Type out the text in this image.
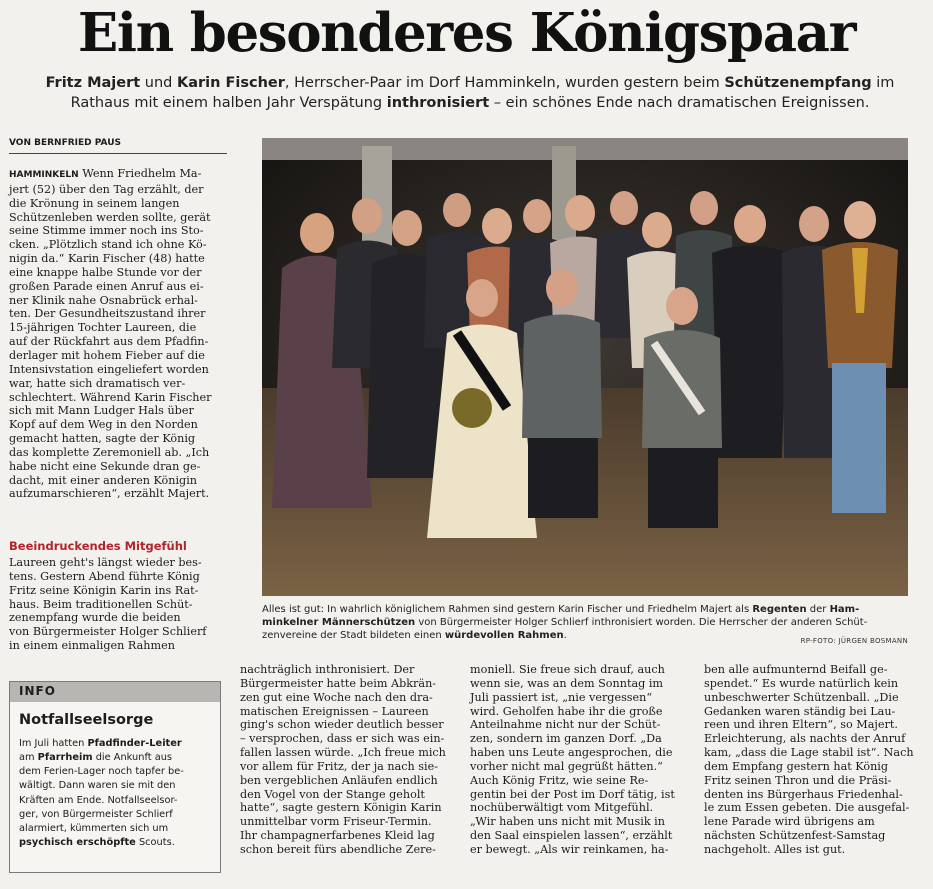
Ein besonderes Königspaar
Fritz Majert und Karin Fischer, Herrscher-Paar im Dorf Hamminkeln, wurden gestern beim Schützenempfang im
Rathaus mit einem halben Jahr Verspätung inthronisiert – ein schönes Ende nach dramatischen Ereignissen.
VON BERNFRIED PAUS
HAMMINKELN Wenn Friedhelm Ma-
jert (52) über den Tag erzählt, der
die Krönung in seinem langen
Schützenleben werden sollte, gerät
seine Stimme immer noch ins Sto-
cken. „Plötzlich stand ich ohne Kö-
nigin da.“ Karin Fischer (48) hatte
eine knappe halbe Stunde vor der
großen Parade einen Anruf aus ei-
ner Klinik nahe Osnabrück erhal-
ten. Der Gesundheitszustand ihrer
15-jährigen Tochter Laureen, die
auf der Rückfahrt aus dem Pfadfin-
derlager mit hohem Fieber auf die
Intensivstation eingeliefert worden
war, hatte sich dramatisch ver-
schlechtert. Während Karin Fischer
sich mit Mann Ludger Hals über
Kopf auf dem Weg in den Norden
gemacht hatten, sagte der König
das komplette Zeremoniell ab. „Ich
habe nicht eine Sekunde dran ge-
dacht, mit einer anderen Königin
aufzumarschieren“, erzählt Majert.
Beeindruckendes Mitgefühl
Laureen geht's längst wieder bes-
tens. Gestern Abend führte König
Fritz seine Königin Karin ins Rat-
haus. Beim traditionellen Schüt-
zenempfang wurde die beiden
von Bürgermeister Holger Schlierf
in einem einmaligen Rahmen
Alles ist gut: In wahrlich königlichem Rahmen sind gestern Karin Fischer und Friedhelm Majert als Regenten der Ham-
minkelner Männerschützen von Bürgermeister Holger Schlierf inthronisiert worden. Die Herrscher der anderen Schüt-
zenvereine der Stadt bildeten einen würdevollen Rahmen.	RP-FOTO: JÜRGEN BOSMANN
INFO
Notfallseelsorge
Im Juli hatten Pfadfinder-Leiter
am Pfarrheim die Ankunft aus
dem Ferien-Lager noch tapfer be-
wältigt. Dann waren sie mit den
Kräften am Ende. Notfallseelsor-
ger, von Bürgermeister Schlierf
alarmiert, kümmerten sich um
psychisch erschöpfte Scouts.
nachträglich inthronisiert. Der
Bürgermeister hatte beim Abkrän-
zen gut eine Woche nach den dra-
matischen Ereignissen – Laureen
ging's schon wieder deutlich besser
– versprochen, dass er sich was ein-
fallen lassen würde. „Ich freue mich
vor allem für Fritz, der ja nach sie-
ben vergeblichen Anläufen endlich
den Vogel von der Stange geholt
hatte“, sagte gestern Königin Karin
unmittelbar vorm Friseur-Termin.
Ihr champagnerfarbenes Kleid lag
schon bereit fürs abendliche Zere-
moniell. Sie freue sich drauf, auch
wenn sie, was an dem Sonntag im
Juli passiert ist, „nie vergessen“
wird. Geholfen habe ihr die große
Anteilnahme nicht nur der Schüt-
zen, sondern im ganzen Dorf. „Da
haben uns Leute angesprochen, die
vorher nicht mal gegrüßt hätten.“
Auch König Fritz, wie seine Re-
gentin bei der Post im Dorf tätig, ist
nochüberwältigt vom Mitgefühl.
„Wir haben uns nicht mit Musik in
den Saal einspielen lassen“, erzählt
er bewegt. „Als wir reinkamen, ha-
ben alle aufmunternd Beifall ge-
spendet.“ Es wurde natürlich kein
unbeschwerter Schützenball. „Die
Gedanken waren ständig bei Lau-
reen und ihren Eltern“, so Majert.
Erleichterung, als nachts der Anruf
kam, „dass die Lage stabil ist“. Nach
dem Empfang gestern hat König
Fritz seinen Thron und die Präsi-
denten ins Bürgerhaus Friedenhal-
le zum Essen gebeten. Die ausgefal-
lene Parade wird übrigens am
nächsten Schützenfest-Samstag
nachgeholt. Alles ist gut.
